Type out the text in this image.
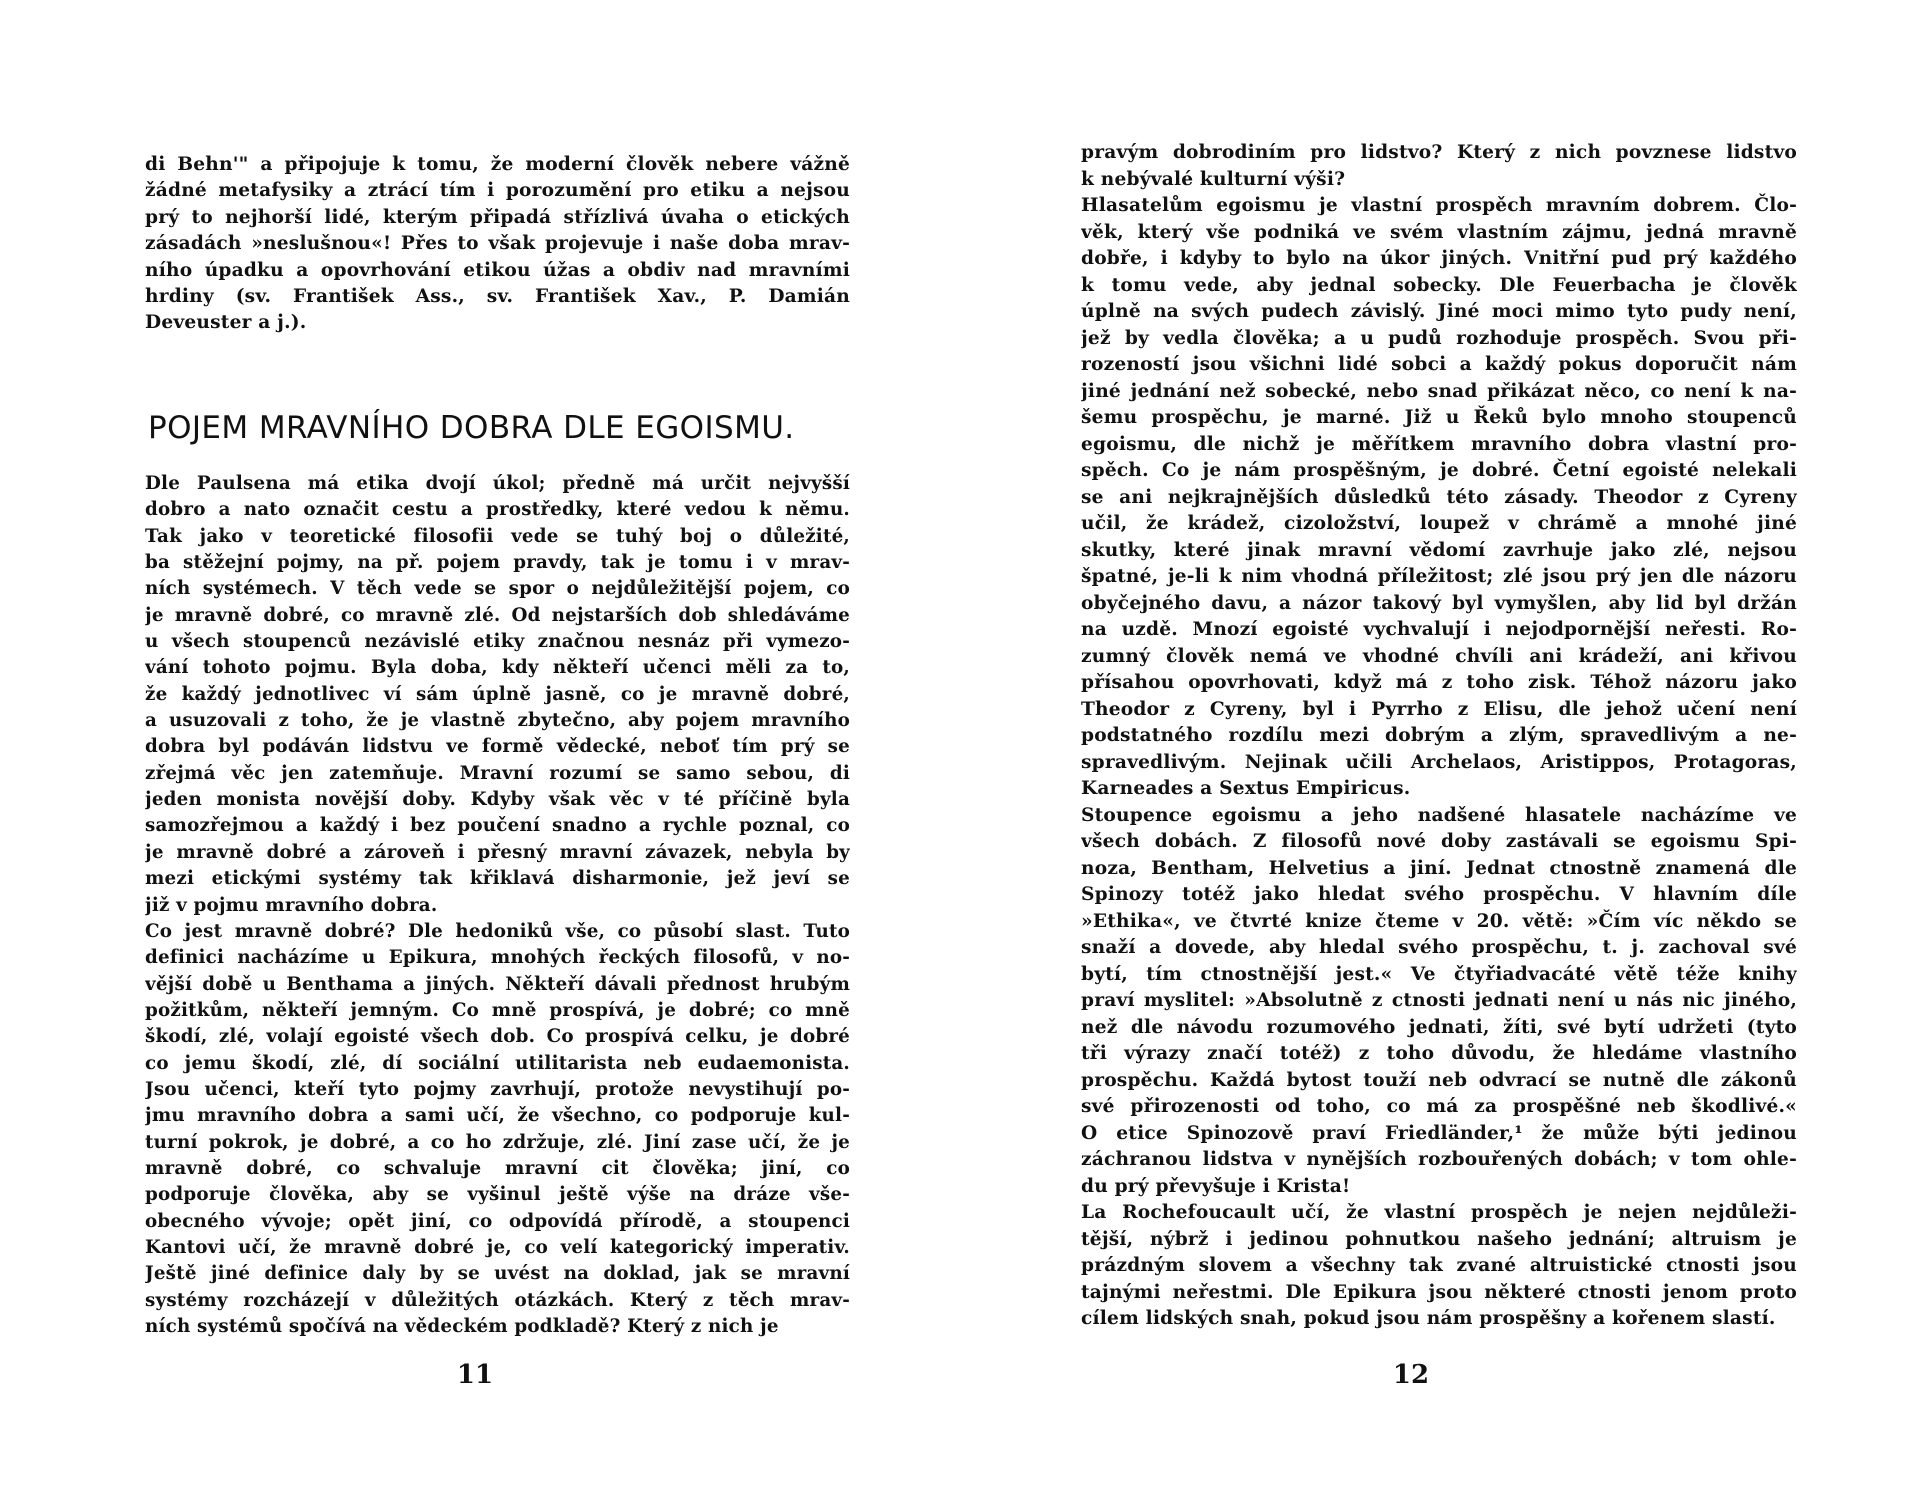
di Behn'" a připojuje k tomu, že moderní člověk nebere vážně
žádné metafysiky a ztrácí tím i porozumění pro etiku a nejsou
prý to nejhorší lidé, kterým připadá střízlivá úvaha o etických
zásadách »neslušnou«! Přes to však projevuje i naše doba mrav-
ního úpadku a opovrhování etikou úžas a obdiv nad mravními
hrdiny (sv. František Ass., sv. František Xav., P. Damián
Deveuster a j.).
POJEM MRAVNÍHO DOBRA DLE EGOISMU.
Dle Paulsena má etika dvojí úkol; předně má určit nejvyšší
dobro a nato označit cestu a prostředky, které vedou k němu.
Tak jako v teoretické filosofii vede se tuhý boj o důležité,
ba stěžejní pojmy, na př. pojem pravdy, tak je tomu i v mrav-
ních systémech. V těch vede se spor o nejdůležitější pojem, co
je mravně dobré, co mravně zlé. Od nejstarších dob shledáváme
u všech stoupenců nezávislé etiky značnou nesnáz při vymezo-
vání tohoto pojmu. Byla doba, kdy někteří učenci měli za to,
že každý jednotlivec ví sám úplně jasně, co je mravně dobré,
a usuzovali z toho, že je vlastně zbytečno, aby pojem mravního
dobra byl podáván lidstvu ve formě vědecké, neboť tím prý se
zřejmá věc jen zatemňuje. Mravní rozumí se samo sebou, di
jeden monista novější doby. Kdyby však věc v té příčině byla
samozřejmou a každý i bez poučení snadno a rychle poznal, co
je mravně dobré a zároveň i přesný mravní závazek, nebyla by
mezi etickými systémy tak křiklavá disharmonie, jež jeví se
již v pojmu mravního dobra.
Co jest mravně dobré? Dle hedoniků vše, co působí slast. Tuto
definici nacházíme u Epikura, mnohých řeckých filosofů, v no-
vější době u Benthama a jiných. Někteří dávali přednost hrubým
požitkům, někteří jemným. Co mně prospívá, je dobré; co mně
škodí, zlé, volají egoisté všech dob. Co prospívá celku, je dobré
co jemu škodí, zlé, dí sociální utilitarista neb eudaemonista.
Jsou učenci, kteří tyto pojmy zavrhují, protože nevystihují po-
jmu mravního dobra a sami učí, že všechno, co podporuje kul-
turní pokrok, je dobré, a co ho zdržuje, zlé. Jiní zase učí, že je
mravně dobré, co schvaluje mravní cit člověka; jiní, co
podporuje člověka, aby se vyšinul ještě výše na dráze vše-
obecného vývoje; opět jiní, co odpovídá přírodě, a stoupenci
Kantovi učí, že mravně dobré je, co velí kategorický imperativ.
Ještě jiné definice daly by se uvést na doklad, jak se mravní
systémy rozcházejí v důležitých otázkách. Který z těch mrav-
ních systémů spočívá na vědeckém podkladě? Který z nich je
11
pravým dobrodiním pro lidstvo? Který z nich povznese lidstvo
k nebývalé kulturní výši?
Hlasatelům egoismu je vlastní prospěch mravním dobrem. Člo-
věk, který vše podniká ve svém vlastním zájmu, jedná mravně
dobře, i kdyby to bylo na úkor jiných. Vnitřní pud prý každého
k tomu vede, aby jednal sobecky. Dle Feuerbacha je člověk
úplně na svých pudech závislý. Jiné moci mimo tyto pudy není,
jež by vedla člověka; a u pudů rozhoduje prospěch. Svou při-
rozeností jsou všichni lidé sobci a každý pokus doporučit nám
jiné jednání než sobecké, nebo snad přikázat něco, co není k na-
šemu prospěchu, je marné. Již u Řeků bylo mnoho stoupenců
egoismu, dle nichž je měřítkem mravního dobra vlastní pro-
spěch. Co je nám prospěšným, je dobré. Četní egoisté nelekali
se ani nejkrajnějších důsledků této zásady. Theodor z Cyreny
učil, že krádež, cizoložství, loupež v chrámě a mnohé jiné
skutky, které jinak mravní vědomí zavrhuje jako zlé, nejsou
špatné, je-li k nim vhodná příležitost; zlé jsou prý jen dle názoru
obyčejného davu, a názor takový byl vymyšlen, aby lid byl držán
na uzdě. Mnozí egoisté vychvalují i nejodpornější neřesti. Ro-
zumný člověk nemá ve vhodné chvíli ani krádeží, ani křivou
přísahou opovrhovati, když má z toho zisk. Téhož názoru jako
Theodor z Cyreny, byl i Pyrrho z Elisu, dle jehož učení není
podstatného rozdílu mezi dobrým a zlým, spravedlivým a ne-
spravedlivým. Nejinak učili Archelaos, Aristippos, Protagoras,
Karneades a Sextus Empiricus.
Stoupence egoismu a jeho nadšené hlasatele nacházíme ve
všech dobách. Z filosofů nové doby zastávali se egoismu Spi-
noza, Bentham, Helvetius a jiní. Jednat ctnostně znamená dle
Spinozy totéž jako hledat svého prospěchu. V hlavním díle
»Ethika«, ve čtvrté knize čteme v 20. větě: »Čím víc někdo se
snaží a dovede, aby hledal svého prospěchu, t. j. zachoval své
bytí, tím ctnostnější jest.« Ve čtyřiadvacáté větě téže knihy
praví myslitel: »Absolutně z ctnosti jednati není u nás nic jiného,
než dle návodu rozumového jednati, žíti, své bytí udržeti (tyto
tři výrazy značí totéž) z toho důvodu, že hledáme vlastního
prospěchu. Každá bytost touží neb odvrací se nutně dle zákonů
své přirozenosti od toho, co má za prospěšné neb škodlivé.«
O etice Spinozově praví Friedländer,¹ že může býti jedinou
záchranou lidstva v nynějších rozbouřených dobách; v tom ohle-
du prý převyšuje i Krista!
La Rochefoucault učí, že vlastní prospěch je nejen nejdůleži-
tější, nýbrž i jedinou pohnutkou našeho jednání; altruism je
prázdným slovem a všechny tak zvané altruistické ctnosti jsou
tajnými neřestmi. Dle Epikura jsou některé ctnosti jenom proto
cílem lidských snah, pokud jsou nám prospěšny a kořenem slastí.
12
